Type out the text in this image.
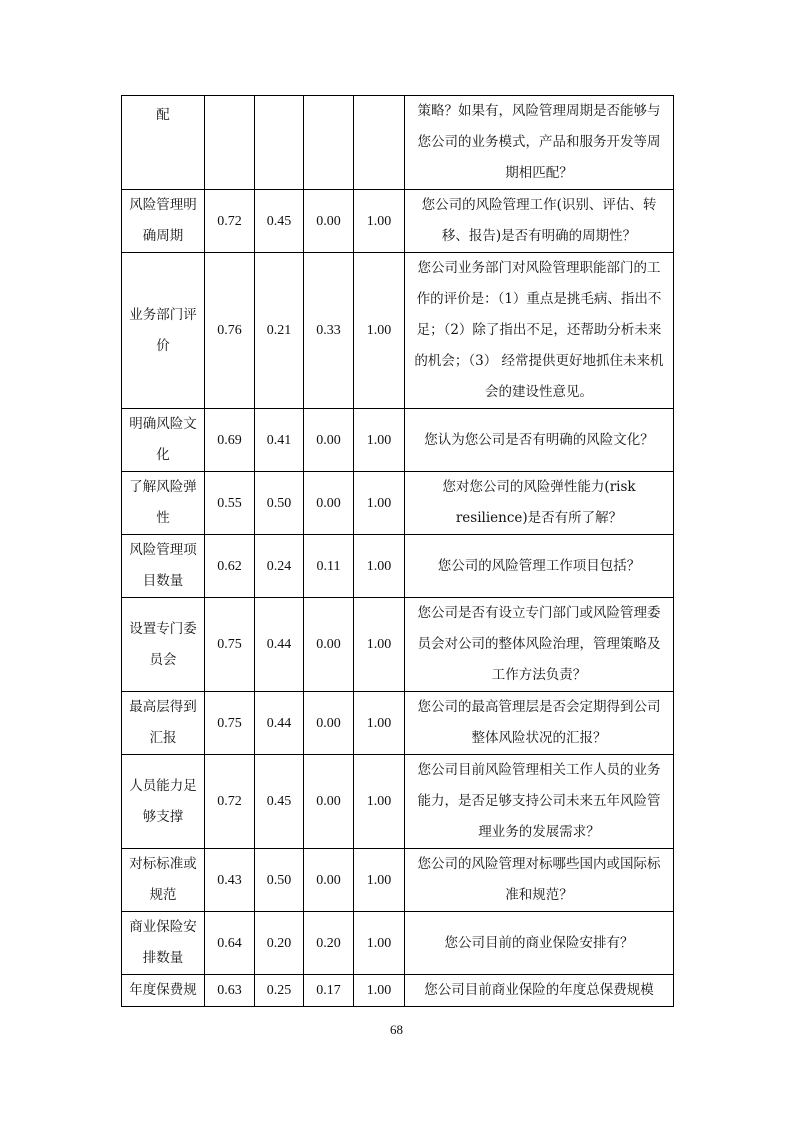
配					策略？如果有，风险管理周期是否能够与您公司的业务模式，产品和服务开发等周期相匹配？
风险管理明确周期	0.72	0.45	0.00	1.00	您公司的风险管理工作(识别、评估、转移、报告)是否有明确的周期性？
业务部门评价	0.76	0.21	0.33	1.00	您公司业务部门对风险管理职能部门的工作的评价是：（1）重点是挑毛病、指出不足；（2）除了指出不足，还帮助分析未来的机会；（3） 经常提供更好地抓住未来机会的建设性意见。
明确风险文化	0.69	0.41	0.00	1.00	您认为您公司是否有明确的风险文化？
了解风险弹性	0.55	0.50	0.00	1.00	您对您公司的风险弹性能力(risk resilience)是否有所了解？
风险管理项目数量	0.62	0.24	0.11	1.00	您公司的风险管理工作项目包括？
设置专门委员会	0.75	0.44	0.00	1.00	您公司是否有设立专门部门或风险管理委员会对公司的整体风险治理，管理策略及工作方法负责？
最高层得到汇报	0.75	0.44	0.00	1.00	您公司的最高管理层是否会定期得到公司整体风险状况的汇报？
人员能力足够支撑	0.72	0.45	0.00	1.00	您公司目前风险管理相关工作人员的业务能力，是否足够支持公司未来五年风险管理业务的发展需求？
对标标准或规范	0.43	0.50	0.00	1.00	您公司的风险管理对标哪些国内或国际标准和规范？
商业保险安排数量	0.64	0.20	0.20	1.00	您公司目前的商业保险安排有？
年度保费规	0.63	0.25	0.17	1.00	您公司目前商业保险的年度总保费规模
68
